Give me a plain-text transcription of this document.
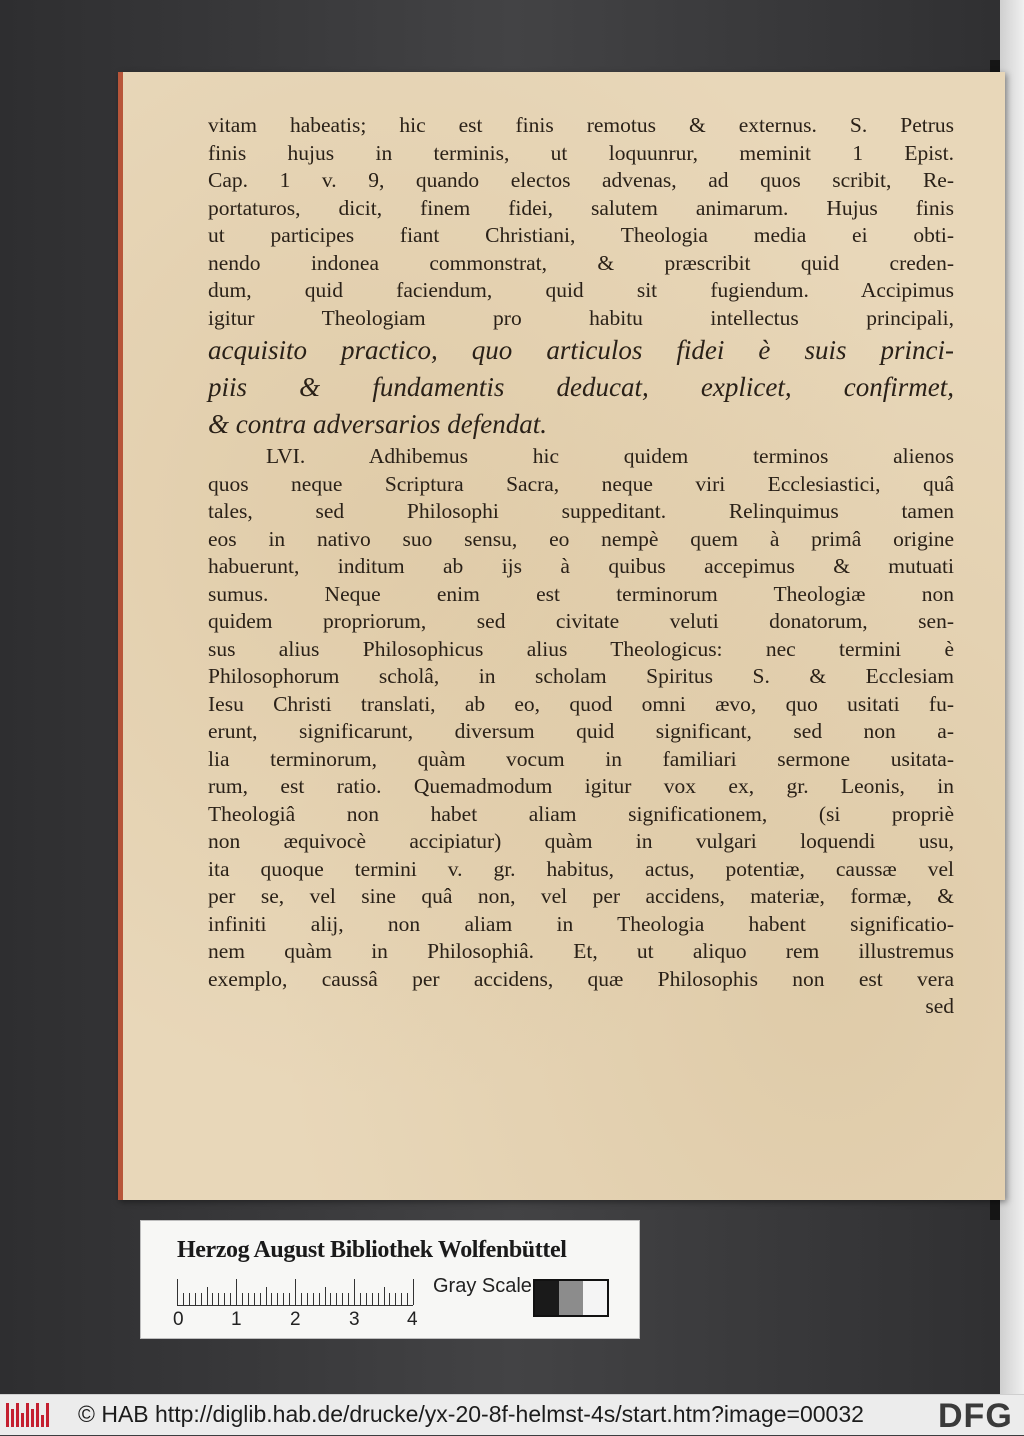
vitam habeatis; hic est finis remotus & externus. S. Petrus
finis hujus in terminis, ut loquunrur, meminit 1 Epist.
Cap. 1 v. 9, quando electos advenas, ad quos scribit, Re-
portaturos, dicit, finem fidei, salutem animarum. Hujus finis
ut participes fiant Christiani, Theologia media ei obti-
nendo indonea commonstrat, & præscribit quid creden-
dum, quid faciendum, quid sit fugiendum. Accipimus
igitur Theologiam pro habitu intellectus principali,
acquisito practico, quo articulos fidei è suis princi-
piis & fundamentis deducat, explicet, confirmet,
& contra adversarios defendat.
LVI. Adhibemus hic quidem terminos alienos
quos neque Scriptura Sacra, neque viri Ecclesiastici, quâ
tales, sed Philosophi suppeditant. Relinquimus tamen
eos in nativo suo sensu, eo nempè quem à primâ origine
habuerunt, inditum ab ijs à quibus accepimus & mutuati
sumus. Neque enim est terminorum Theologiæ non
quidem propriorum, sed civitate veluti donatorum, sen-
sus alius Philosophicus alius Theologicus: nec termini è
Philosophorum scholâ, in scholam Spiritus S. & Ecclesiam
Iesu Christi translati, ab eo, quod omni ævo, quo usitati fu-
erunt, significarunt, diversum quid significant, sed non a-
lia terminorum, quàm vocum in familiari sermone usitata-
rum, est ratio. Quemadmodum igitur vox ex, gr. Leonis, in
Theologiâ non habet aliam significationem, (si propriè
non æquivocè accipiatur) quàm in vulgari loquendi usu,
ita quoque termini v. gr. habitus, actus, potentiæ, caussæ vel
per se, vel sine quâ non, vel per accidens, materiæ, formæ, &
infiniti alij, non aliam in Theologia habent significatio-
nem quàm in Philosophiâ. Et, ut aliquo rem illustremus
exemplo, caussâ per accidens, quæ Philosophis non est vera
sed
Herzog August Bibliothek Wolfenbüttel
0 1	2	3 4
Gray Scale
© HAB http://diglib.hab.de/drucke/yx-20-8f-helmst-4s/start.htm?image=00032 DFG
